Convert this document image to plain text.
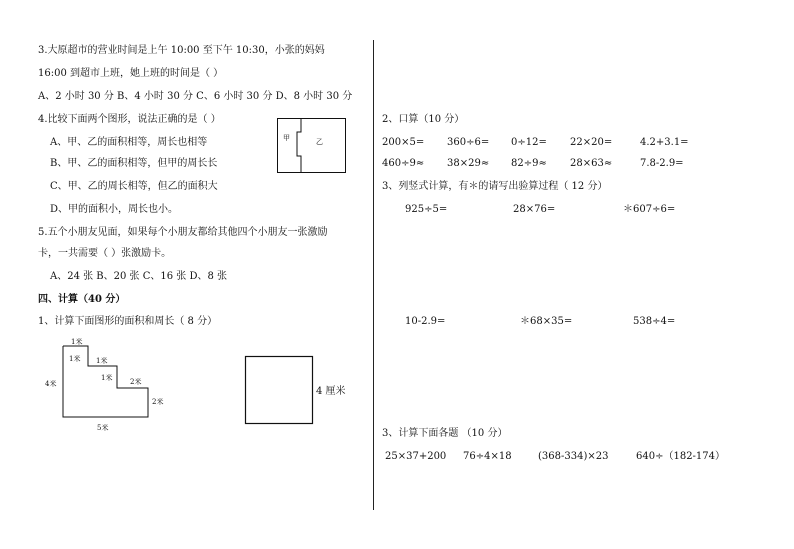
3.大原超市的营业时间是上午 10:00 至下午 10:30，小张的妈妈
16:00 到超市上班，她上班的时间是（ ）
A、2 小时 30 分 B、4 小时 30 分 C、6 小时 30 分 D、8 小时 30 分
4.比较下面两个图形，说法正确的是（ ）
A、甲、乙的面积相等，周长也相等
B、甲、乙的面积相等，但甲的周长长
C、甲、乙的周长相等，但乙的面积大
D、甲的面积小，周长也小。
甲	乙
5.五个小朋友见面，如果每个小朋友都给其他四个小朋友一张激励
卡，一共需要（ ）张激励卡。
A、24 张 B、20 张 C、16 张 D、8 张
四、计算（40 分）
1、计算下面图形的面积和周长（ 8 分）
1米
1米 1米
1米	2米
4米
2米
5米
4 厘米
2、口算（10 分）
200×5= 360÷6= 0÷12= 22×20=	4.2+3.1=
460÷9≈ 38×29≈ 82÷9≈ 28×63≈	7.8-2.9=
3、列竖式计算，有＊的请写出验算过程（ 12 分）
925÷5=	28×76=	＊607÷6=
10-2.9=	＊68×35=	538÷4=
3、计算下面各题 （10 分）
25×37+200 76÷4×18	(368-334)×23	640÷（182-174）
